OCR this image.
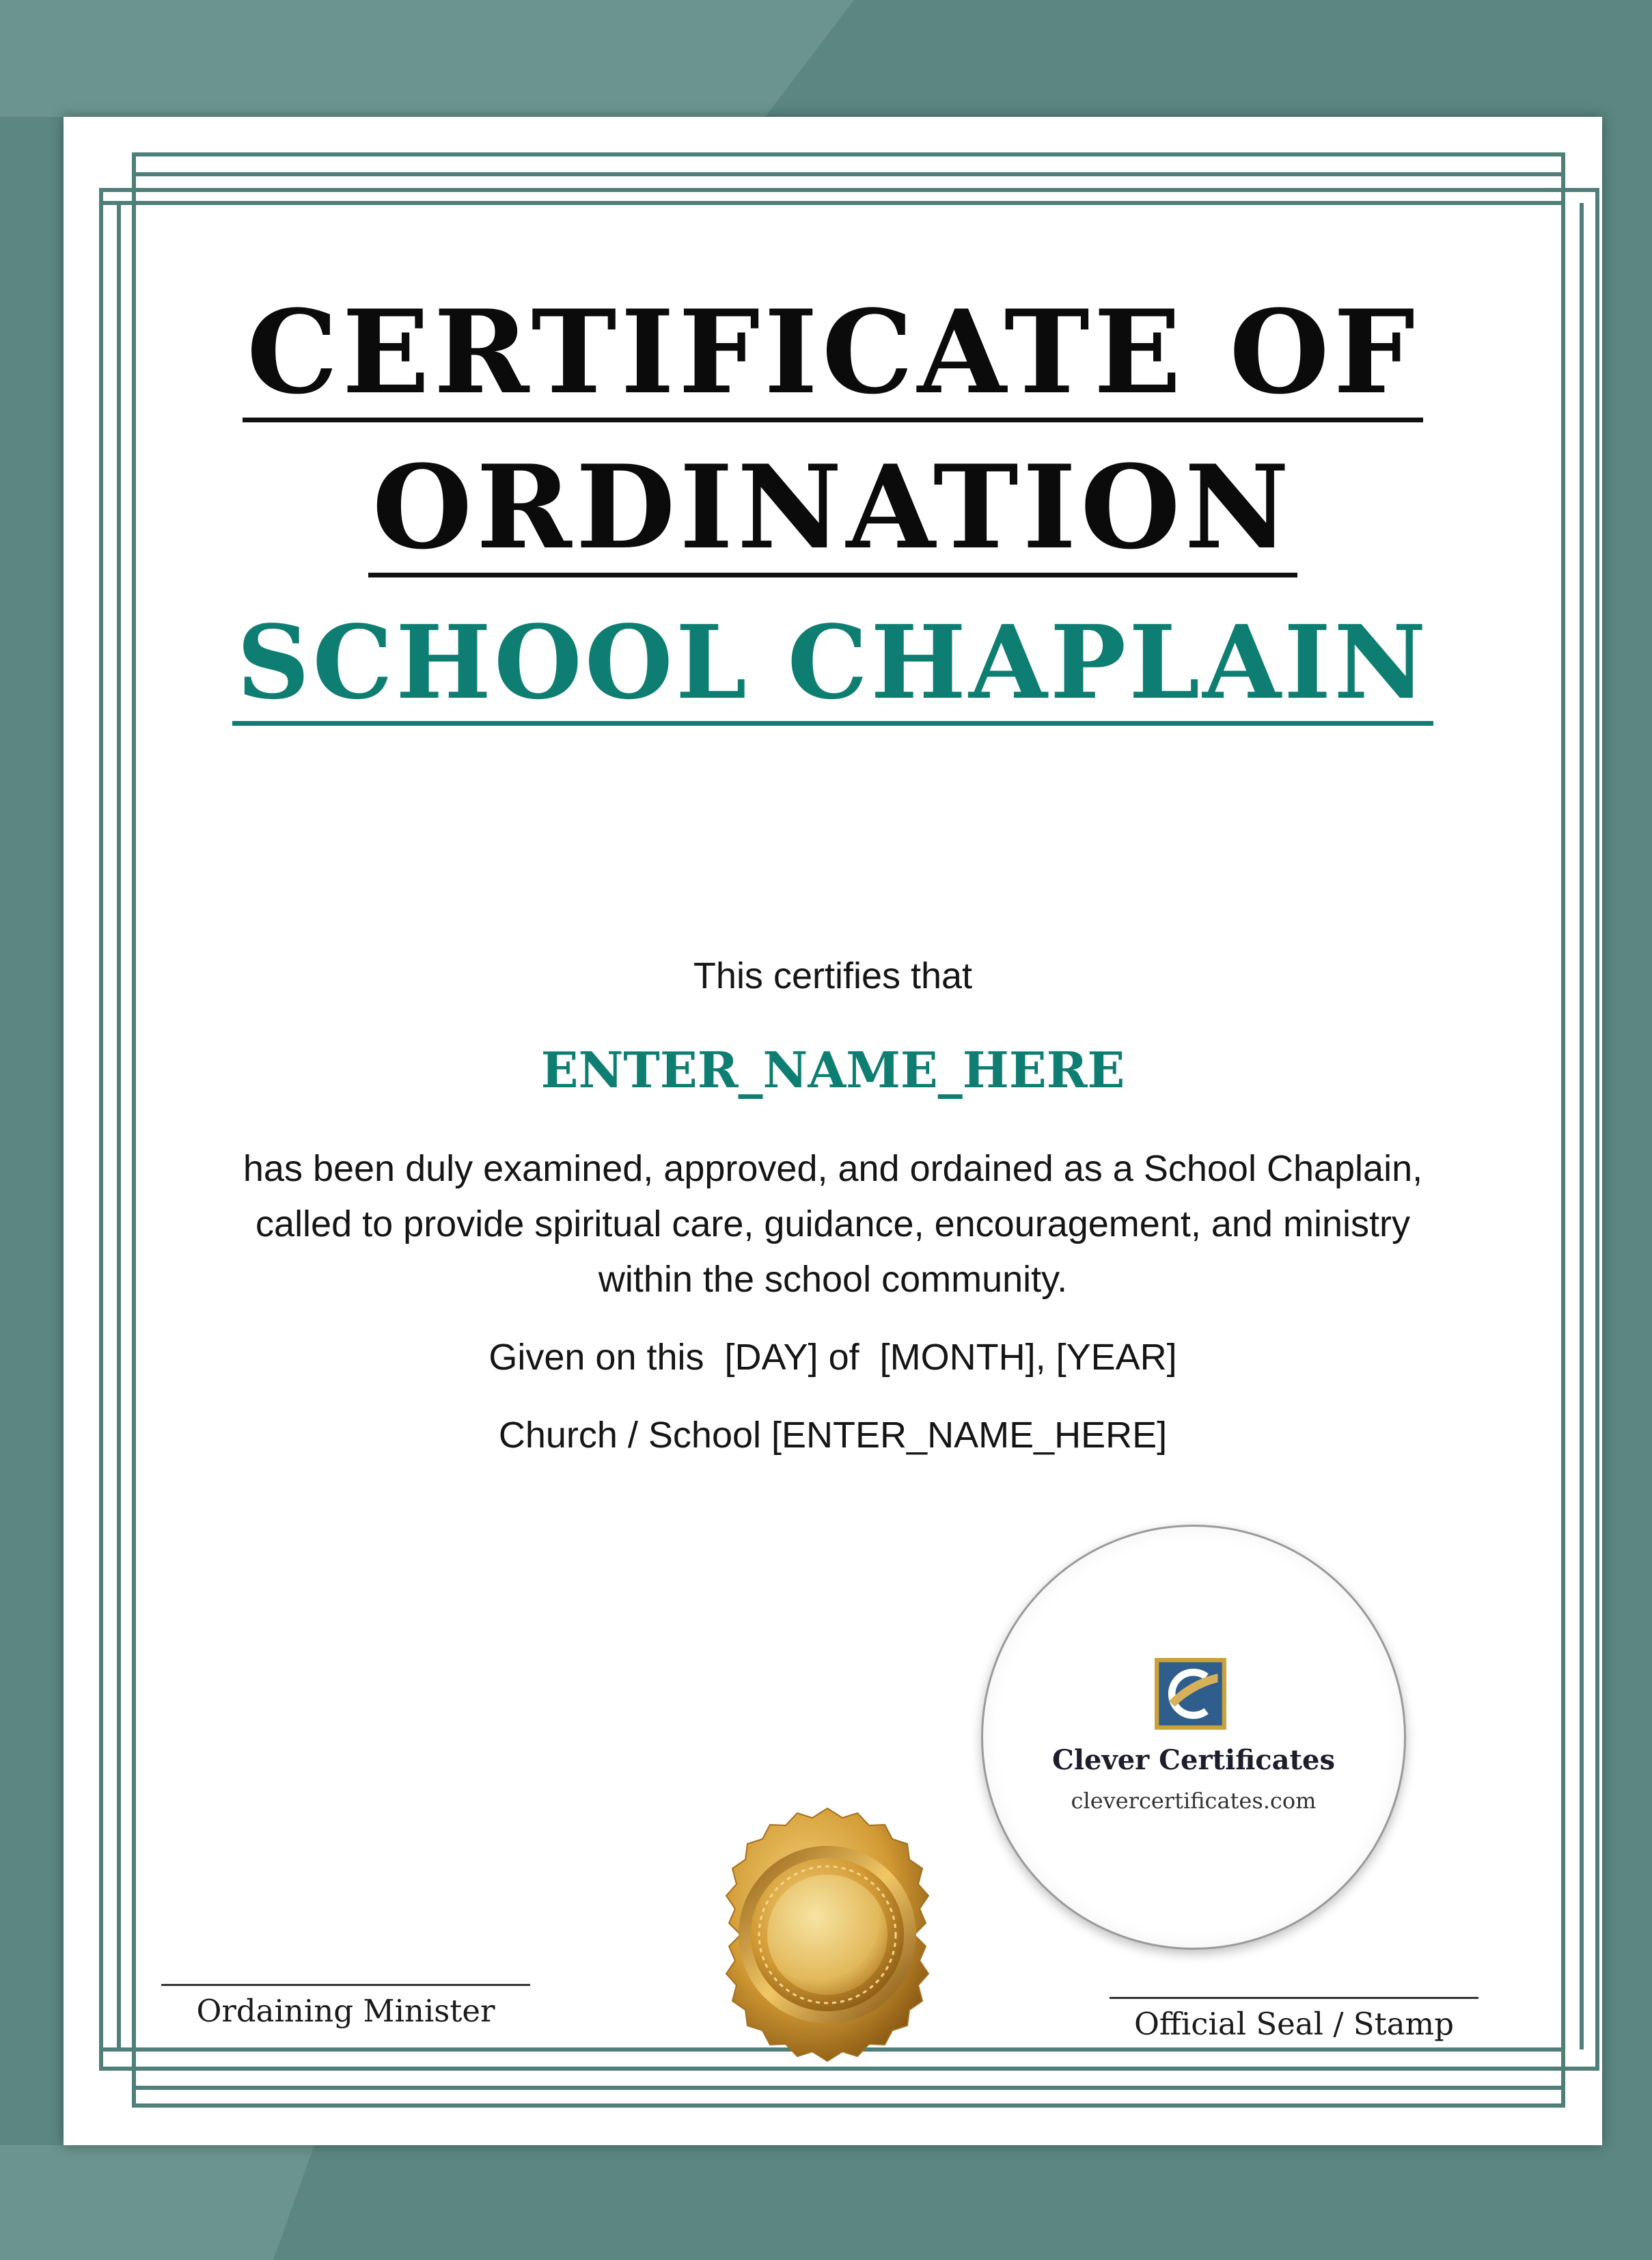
CERTIFICATE OF
ORDINATION
SCHOOL CHAPLAIN
This certifies that
ENTER_NAME_HERE
has been duly examined, approved, and ordained as a School Chaplain,
called to provide spiritual care, guidance, encouragement, and ministry
within the school community.
Given on this  [DAY] of  [MONTH], [YEAR]
Church / School [ENTER_NAME_HERE]
Clever Certificates
clevercertificates.com
Ordaining Minister	Official Seal / Stamp
